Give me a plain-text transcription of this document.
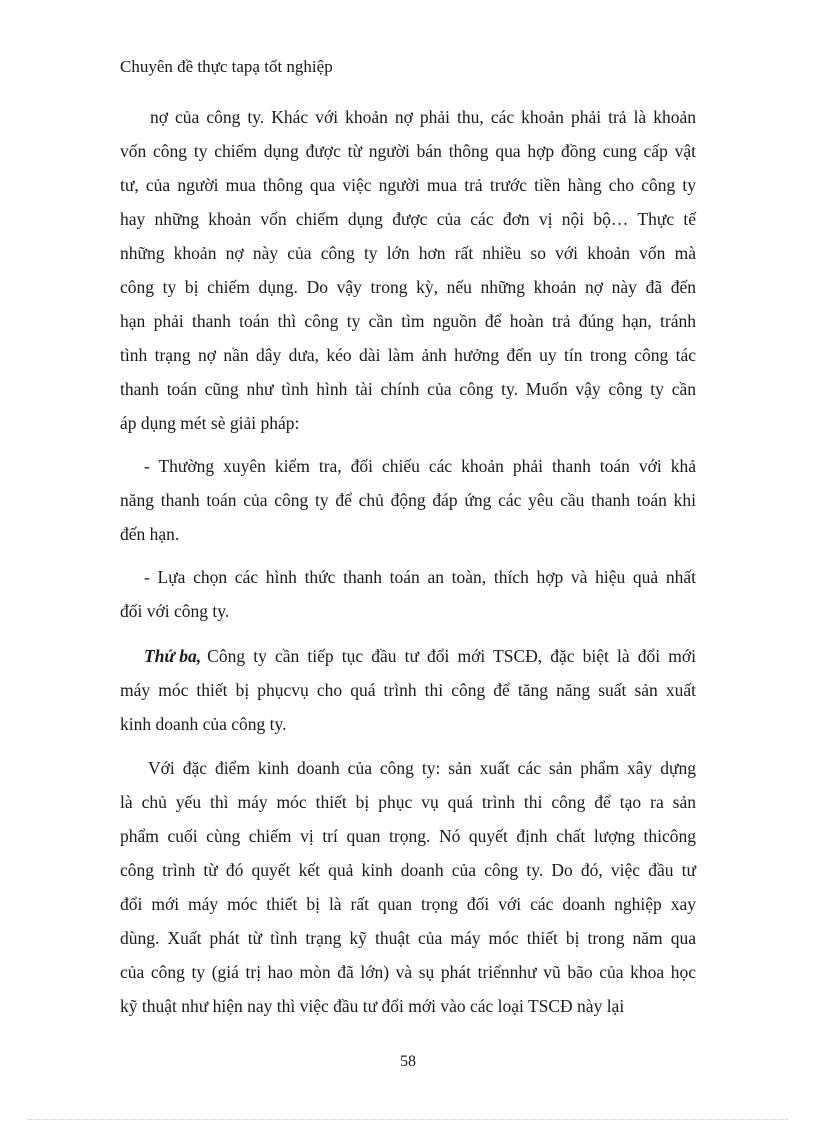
Chuyên đề thực tapạ tốt nghiệp
nợ của công ty. Khác với khoản nợ phải thu, các khoản phải trả là khoản
vốn công ty chiếm dụng được từ người bán thông qua hợp đồng cung cấp vật
tư, của người mua thông qua việc người mua trả trước tiền hàng cho công ty
hay những khoản vốn chiếm dụng được của các đơn vị nội bộ… Thực tế
những khoản nợ này của công ty lớn hơn rất nhiều so với khoản vốn mà
công ty bị chiếm dụng. Do vậy trong kỳ, nếu những khoản nợ này đã đến
hạn phải thanh toán thì công ty cần tìm nguồn để hoàn trả đúng hạn, tránh
tình trạng nợ nần dây dưa, kéo dài làm ảnh hưởng đến uy tín trong công tác
thanh toán cũng như tình hình tài chính của công ty. Muốn vậy công ty cần
áp dụng mét sè giải pháp:
- Thường xuyên kiểm tra, đối chiếu các khoản phải thanh toán với khả
năng thanh toán của công ty để chủ động đáp ứng các yêu cầu thanh toán khi
đến hạn.
- Lựa chọn các hình thức thanh toán an toàn, thích hợp và hiệu quả nhất
đối với công ty.
Thứ ba, Công ty cần tiếp tục đầu tư đổi mới TSCĐ, đặc biệt là đổi mới
máy móc thiết bị phụcvụ cho quá trình thi công để tăng năng suất sản xuất
kinh doanh của công ty.
Với đặc điểm kinh doanh của công ty: sản xuất các sản phẩm xây dựng
là chủ yếu thì máy móc thiết bị phục vụ quá trình thi công để tạo ra sản
phẩm cuối cùng chiếm vị trí quan trọng. Nó quyết định chất lượng thicông
công trình từ đó quyết kết quả kinh doanh của công ty. Do đó, việc đầu tư
đổi mới máy móc thiết bị là rất quan trọng đối với các doanh nghiệp xay
dùng. Xuất phát từ tình trạng kỹ thuật của máy móc thiết bị trong năm qua
của công ty (giá trị hao mòn đã lớn) và sụ phát triểnnhư vũ bão của khoa học
kỹ thuật như hiện nay thì việc đầu tư đổi mới vào các loại TSCĐ này lại
58
